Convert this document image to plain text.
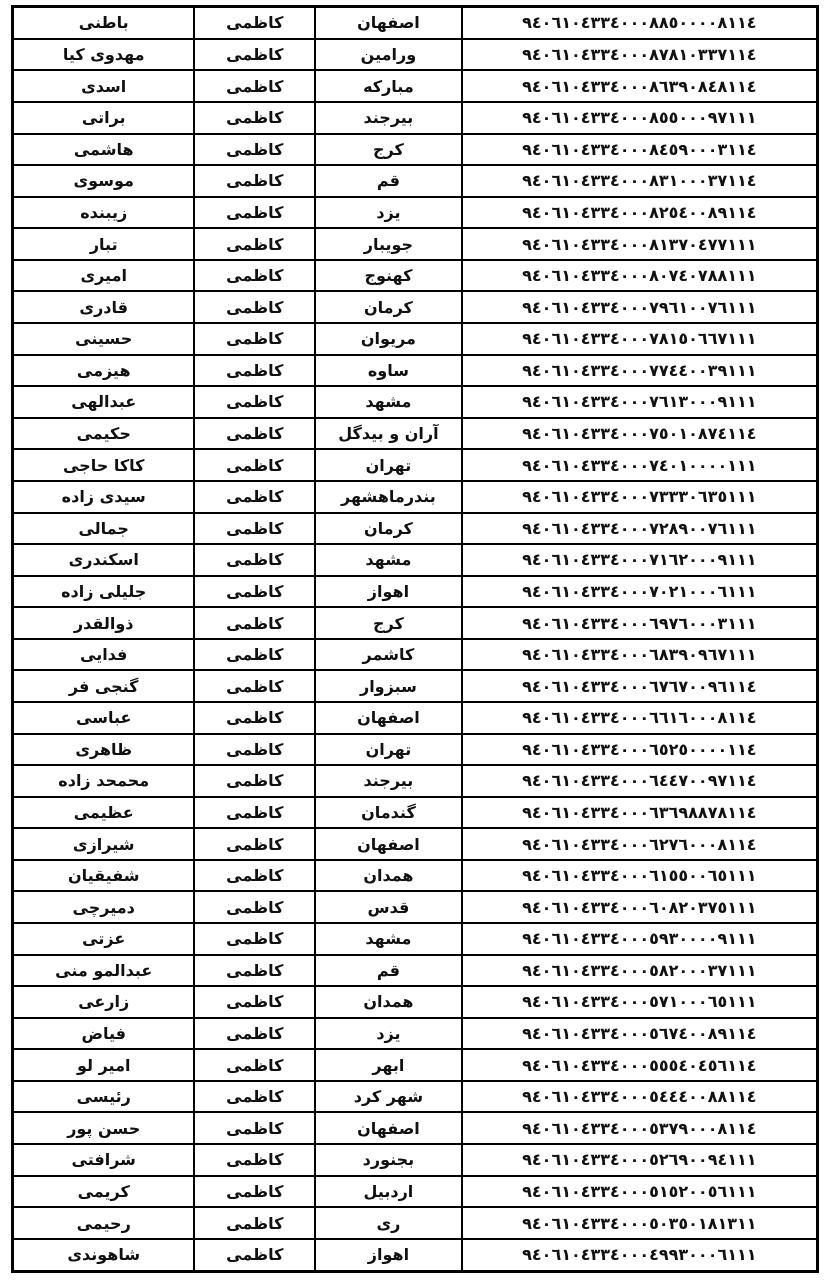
باطنی	کاظمی	اصفهان	٩٤٠٦١٠٤٣٣٤٠٠٠٨٨٥٠٠٠٠٨١١٤
مهدوی کیا	کاظمی	ورامین	٩٤٠٦١٠٤٣٣٤٠٠٠٨٧٨١٠٣٣٧١١٤
اسدی	کاظمی	مبارکه	٩٤٠٦١٠٤٣٣٤٠٠٠٨٦٣٩٠٨٤٨١١٤
براتی	کاظمی	بیرجند	٩٤٠٦١٠٤٣٣٤٠٠٠٨٥٥٠٠٠٩٧١١١
هاشمی	کاظمی	کرج	٩٤٠٦١٠٤٣٣٤٠٠٠٨٤٥٩٠٠٠٣١١٤
موسوی	کاظمی	قم	٩٤٠٦١٠٤٣٣٤٠٠٠٨٣١٠٠٠٣٧١١٤
زیبنده	کاظمی	یزد	٩٤٠٦١٠٤٣٣٤٠٠٠٨٢٥٤٠٠٨٩١١٤
تبار	کاظمی	جویبار	٩٤٠٦١٠٤٣٣٤٠٠٠٨١٣٧٠٤٧٧١١١
امیری	کاظمی	کهنوج	٩٤٠٦١٠٤٣٣٤٠٠٠٨٠٧٤٠٧٨٨١١١
قادری	کاظمی	کرمان	٩٤٠٦١٠٤٣٣٤٠٠٠٧٩٦١٠٠٧٦١١١
حسینی	کاظمی	مریوان	٩٤٠٦١٠٤٣٣٤٠٠٠٧٨١٥٠٦٦٧١١١
هیزمی	کاظمی	ساوه	٩٤٠٦١٠٤٣٣٤٠٠٠٧٧٤٤٠٠٣٩١١١
عبدالهی	کاظمی	مشهد	٩٤٠٦١٠٤٣٣٤٠٠٠٧٦١٣٠٠٠٩١١١
حکیمی	کاظمی	آران و بیدگل	٩٤٠٦١٠٤٣٣٤٠٠٠٧٥٠١٠٨٧٤١١٤
کاکا حاجی	کاظمی	تهران	٩٤٠٦١٠٤٣٣٤٠٠٠٧٤٠١٠٠٠٠١١١
سیدی زاده	کاظمی	بندرماهشهر	٩٤٠٦١٠٤٣٣٤٠٠٠٧٣٣٣٠٦٣٥١١١
جمالی	کاظمی	کرمان	٩٤٠٦١٠٤٣٣٤٠٠٠٧٢٨٩٠٠٧٦١١١
اسکندری	کاظمی	مشهد	٩٤٠٦١٠٤٣٣٤٠٠٠٧١٦٢٠٠٠٩١١١
جلیلی زاده	کاظمی	اهواز	٩٤٠٦١٠٤٣٣٤٠٠٠٧٠٢١٠٠٠٦١١١
ذوالقدر	کاظمی	کرج	٩٤٠٦١٠٤٣٣٤٠٠٠٦٩٧٦٠٠٠٣١١١
فدایی	کاظمی	کاشمر	٩٤٠٦١٠٤٣٣٤٠٠٠٦٨٣٩٠٩٦٧١١١
گنجی فر	کاظمی	سبزوار	٩٤٠٦١٠٤٣٣٤٠٠٠٦٧٦٧٠٠٩٦١١٤
عباسی	کاظمی	اصفهان	٩٤٠٦١٠٤٣٣٤٠٠٠٦٦١٦٠٠٠٨١١٤
ظاهری	کاظمی	تهران	٩٤٠٦١٠٤٣٣٤٠٠٠٦٥٢٥٠٠٠٠١١٤
محمحد زاده	کاظمی	بیرجند	٩٤٠٦١٠٤٣٣٤٠٠٠٦٤٤٧٠٠٩٧١١٤
عظیمی	کاظمی	گندمان	٩٤٠٦١٠٤٣٣٤٠٠٠٦٣٦٩٨٨٧٨١١٤
شیرازی	کاظمی	اصفهان	٩٤٠٦١٠٤٣٣٤٠٠٠٦٢٧٦٠٠٠٨١١٤
شفیقیان	کاظمی	همدان	٩٤٠٦١٠٤٣٣٤٠٠٠٦١٥٥٠٠٦٥١١١
دمیرچی	کاظمی	قدس	٩٤٠٦١٠٤٣٣٤٠٠٠٦٠٨٢٠٣٧٥١١١
عزتی	کاظمی	مشهد	٩٤٠٦١٠٤٣٣٤٠٠٠٥٩٣٠٠٠٠٩١١١
عبدالمو منی	کاظمی	قم	٩٤٠٦١٠٤٣٣٤٠٠٠٥٨٢٠٠٠٣٧١١١
زارعی	کاظمی	همدان	٩٤٠٦١٠٤٣٣٤٠٠٠٥٧١٠٠٠٦٥١١١
فیاض	کاظمی	یزد	٩٤٠٦١٠٤٣٣٤٠٠٠٥٦٧٤٠٠٨٩١١٤
امیر لو	کاظمی	ابهر	٩٤٠٦١٠٤٣٣٤٠٠٠٥٥٥٤٠٤٥٦١١٤
رئیسی	کاظمی	شهر کرد	٩٤٠٦١٠٤٣٣٤٠٠٠٥٤٤٤٠٠٨٨١١٤
حسن پور	کاظمی	اصفهان	٩٤٠٦١٠٤٣٣٤٠٠٠٥٣٧٩٠٠٠٨١١٤
شرافتی	کاظمی	بجنورد	٩٤٠٦١٠٤٣٣٤٠٠٠٥٢٦٩٠٠٩٤١١١
کریمی	کاظمی	اردبیل	٩٤٠٦١٠٤٣٣٤٠٠٠٥١٥٢٠٠٥٦١١١
رحیمی	کاظمی	ری	٩٤٠٦١٠٤٣٣٤٠٠٠٥٠٣٥٠١٨١٣١١
شاهوندی	کاظمی	اهواز	٩٤٠٦١٠٤٣٣٤٠٠٠٤٩٩٣٠٠٠٦١١١
